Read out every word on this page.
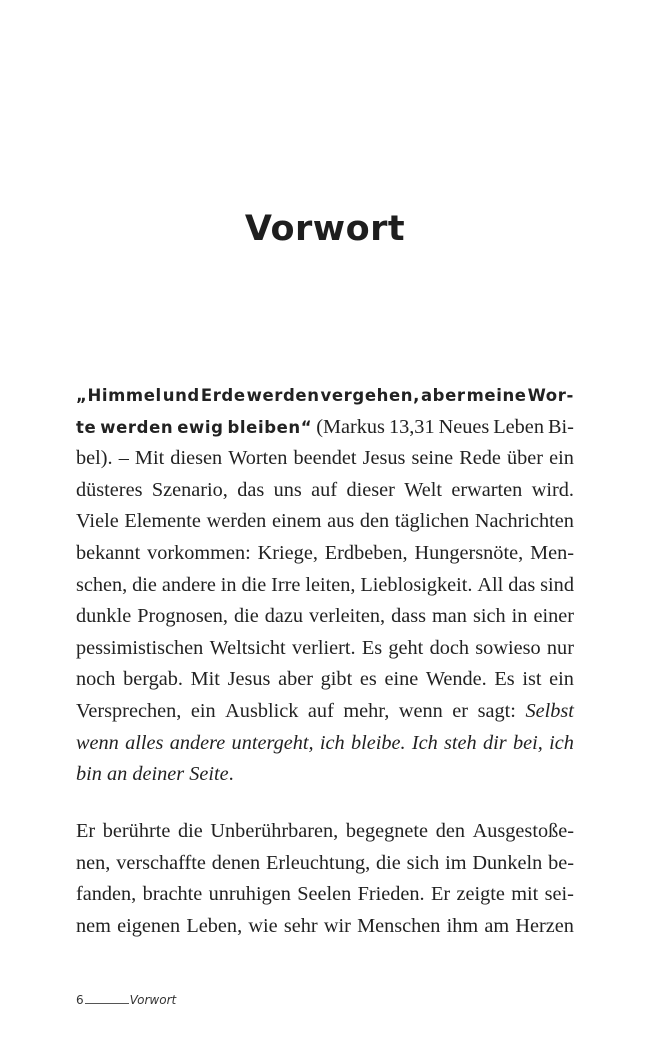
Vorwort
„Himmel und Erde werden vergehen, aber meine Wor-
te werden ewig bleiben“ (Markus 13,31 Neues Leben Bi-
bel). – Mit diesen Worten beendet Jesus seine Rede über ein
düsteres Szenario, das uns auf dieser Welt erwarten wird.
Viele Elemente werden einem aus den täglichen Nachrichten
bekannt vorkommen: Kriege, Erdbeben, Hungersnöte, Men-
schen, die andere in die Irre leiten, Lieblosigkeit. All das sind
dunkle Prognosen, die dazu verleiten, dass man sich in einer
pessimistischen Weltsicht verliert. Es geht doch sowieso nur
noch bergab. Mit Jesus aber gibt es eine Wende. Es ist ein
Versprechen, ein Ausblick auf mehr, wenn er sagt: Selbst
wenn alles andere untergeht, ich bleibe. Ich steh dir bei, ich
bin an deiner Seite.
Er berührte die Unberührbaren, begegnete den Ausgestoße-
nen, verschaffte denen Erleuchtung, die sich im Dunkeln be-
fanden, brachte unruhigen Seelen Frieden. Er zeigte mit sei-
nem eigenen Leben, wie sehr wir Menschen ihm am Herzen
6	Vorwort
